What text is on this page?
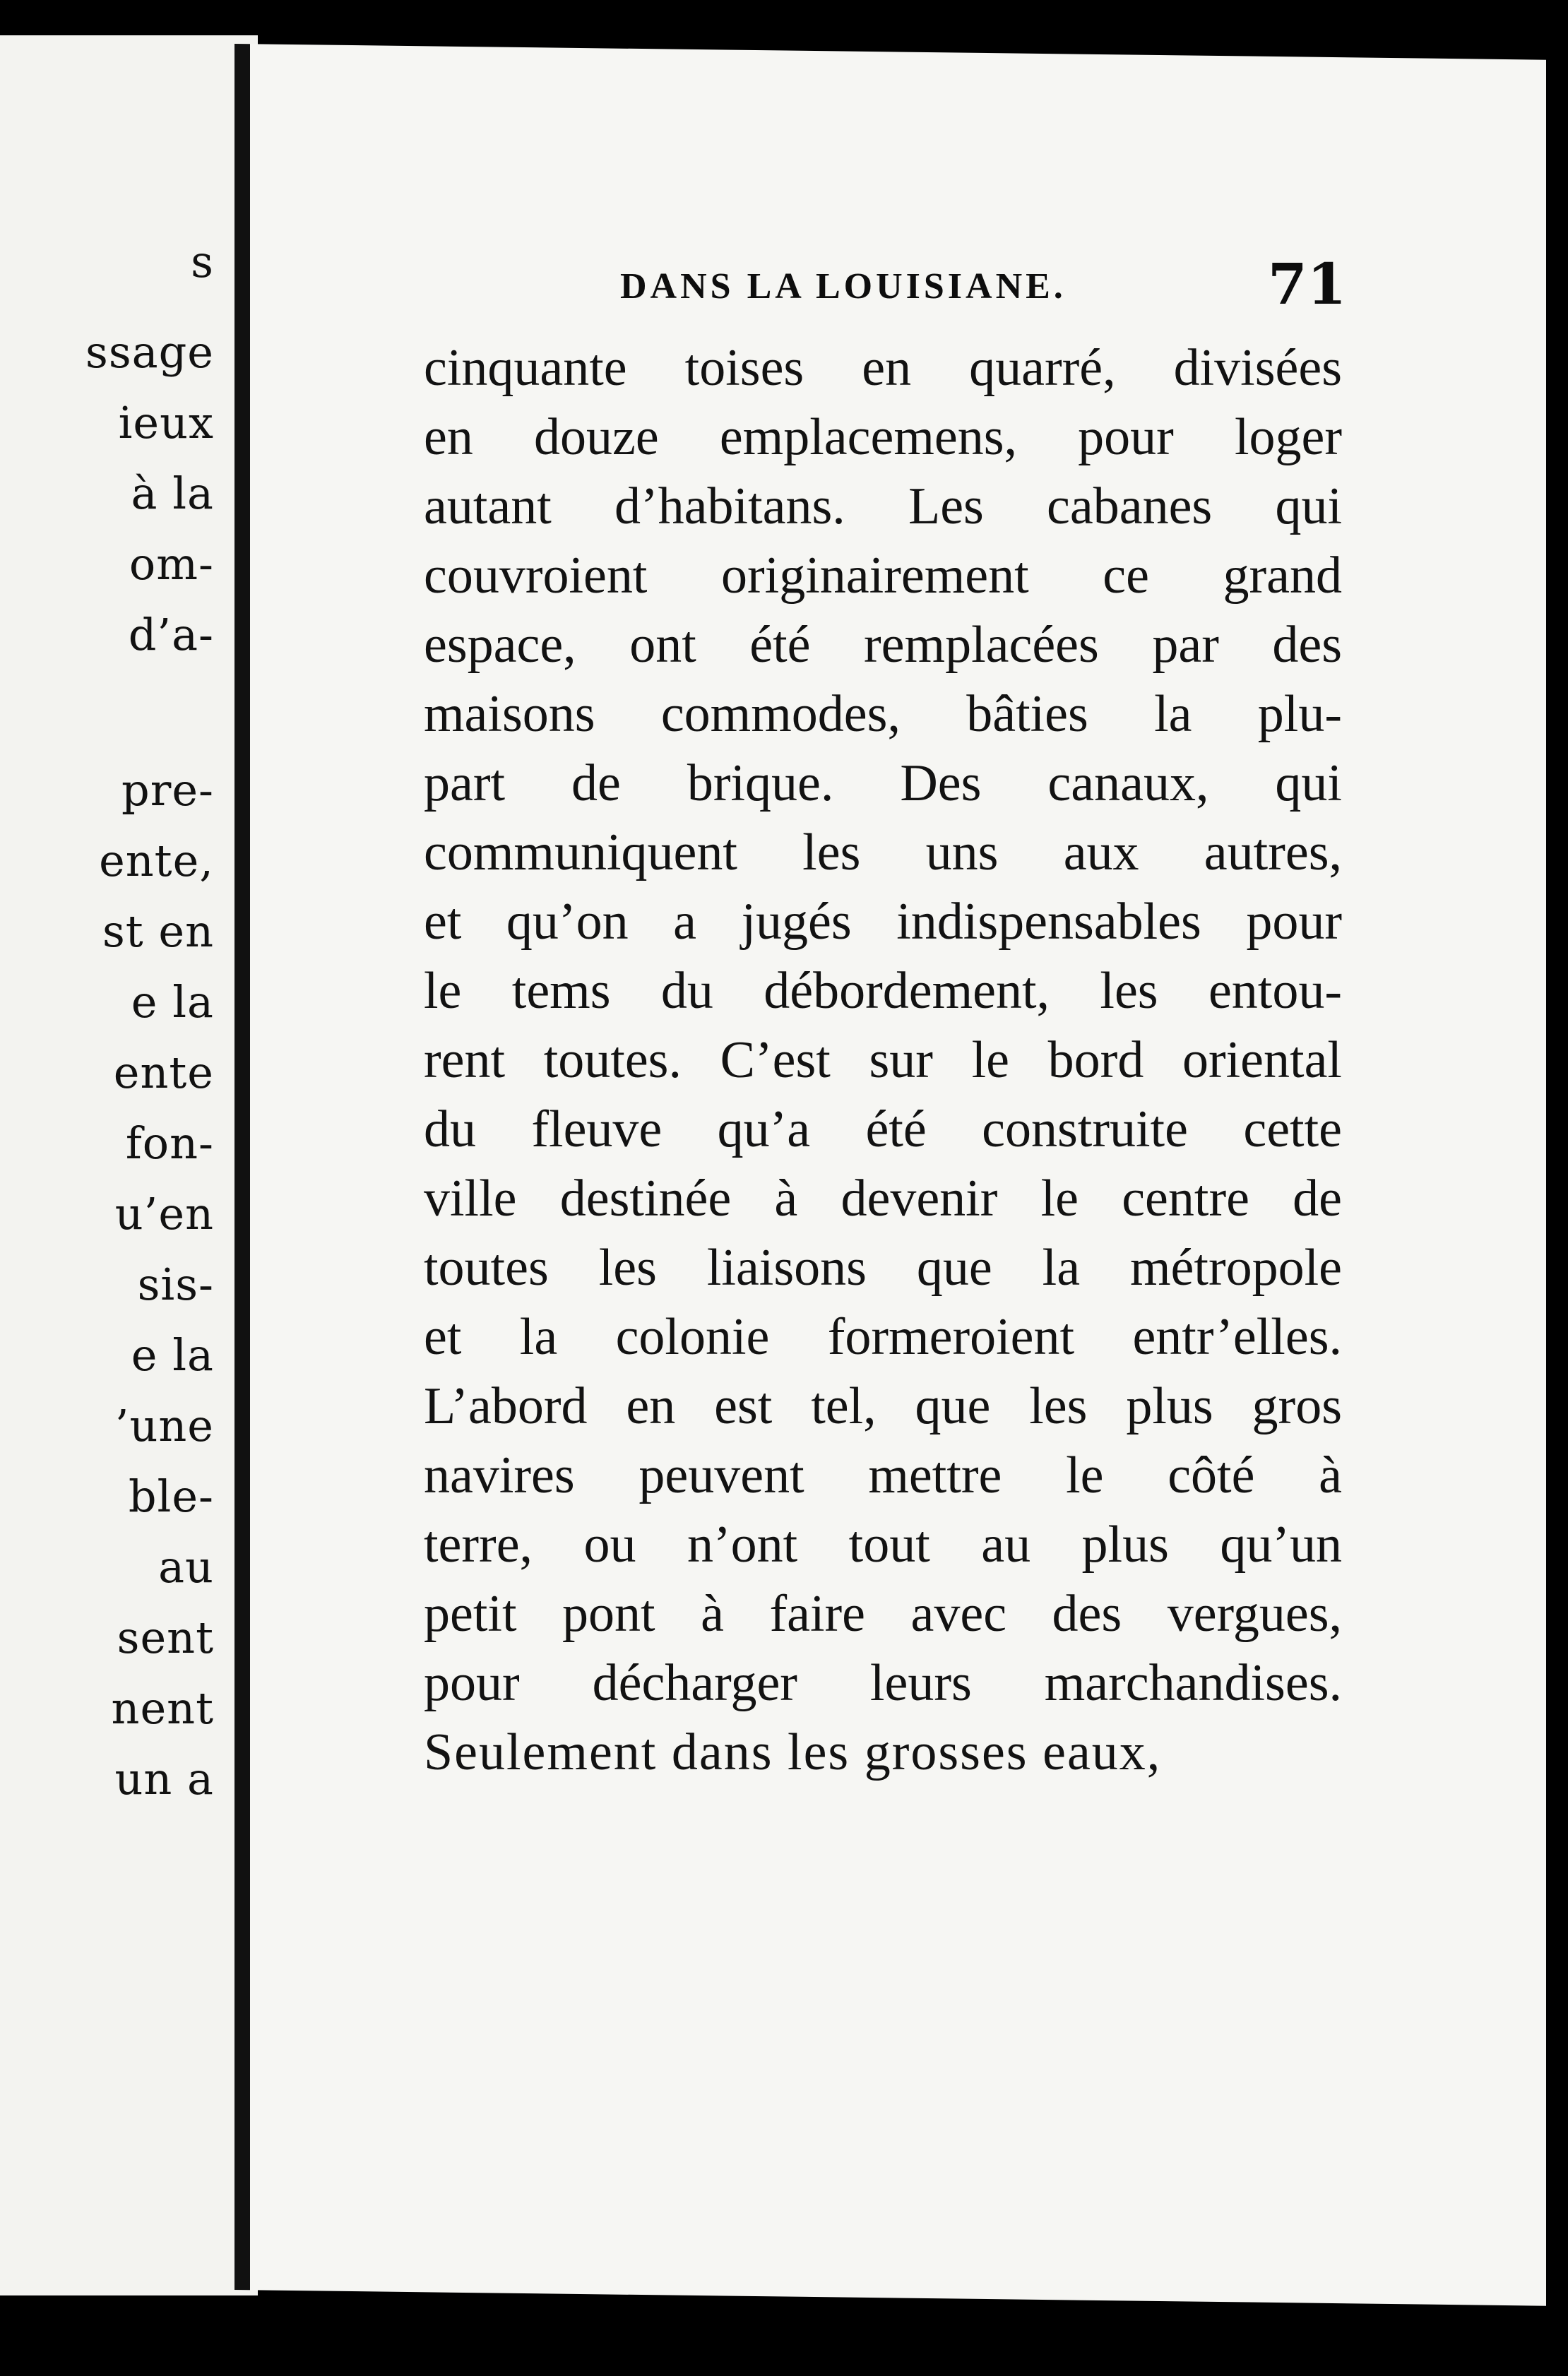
s
ssage
ieux
à la
om-
d’a-
pre-
ente,
st en
e la
ente
fon-
u’en
sis-
e la
’une
ble-
au
sent
nent
un a
DANS LA LOUISIANE.	71
cinquante toises en quarré, divisées
en douze emplacemens, pour loger
autant d’habitans. Les cabanes qui
couvroient originairement ce grand
espace, ont été remplacées par des
maisons commodes, bâties la plu-
part de brique. Des canaux, qui
communiquent les uns aux autres,
et qu’on a jugés indispensables pour
le tems du débordement, les entou-
rent toutes. C’est sur le bord oriental
du fleuve qu’a été construite cette
ville destinée à devenir le centre de
toutes les liaisons que la métropole
et la colonie formeroient entr’elles.
L’abord en est tel, que les plus gros
navires peuvent mettre le côté à
terre, ou n’ont tout au plus qu’un
petit pont à faire avec des vergues,
pour décharger leurs marchandises.
Seulement dans les grosses eaux,
